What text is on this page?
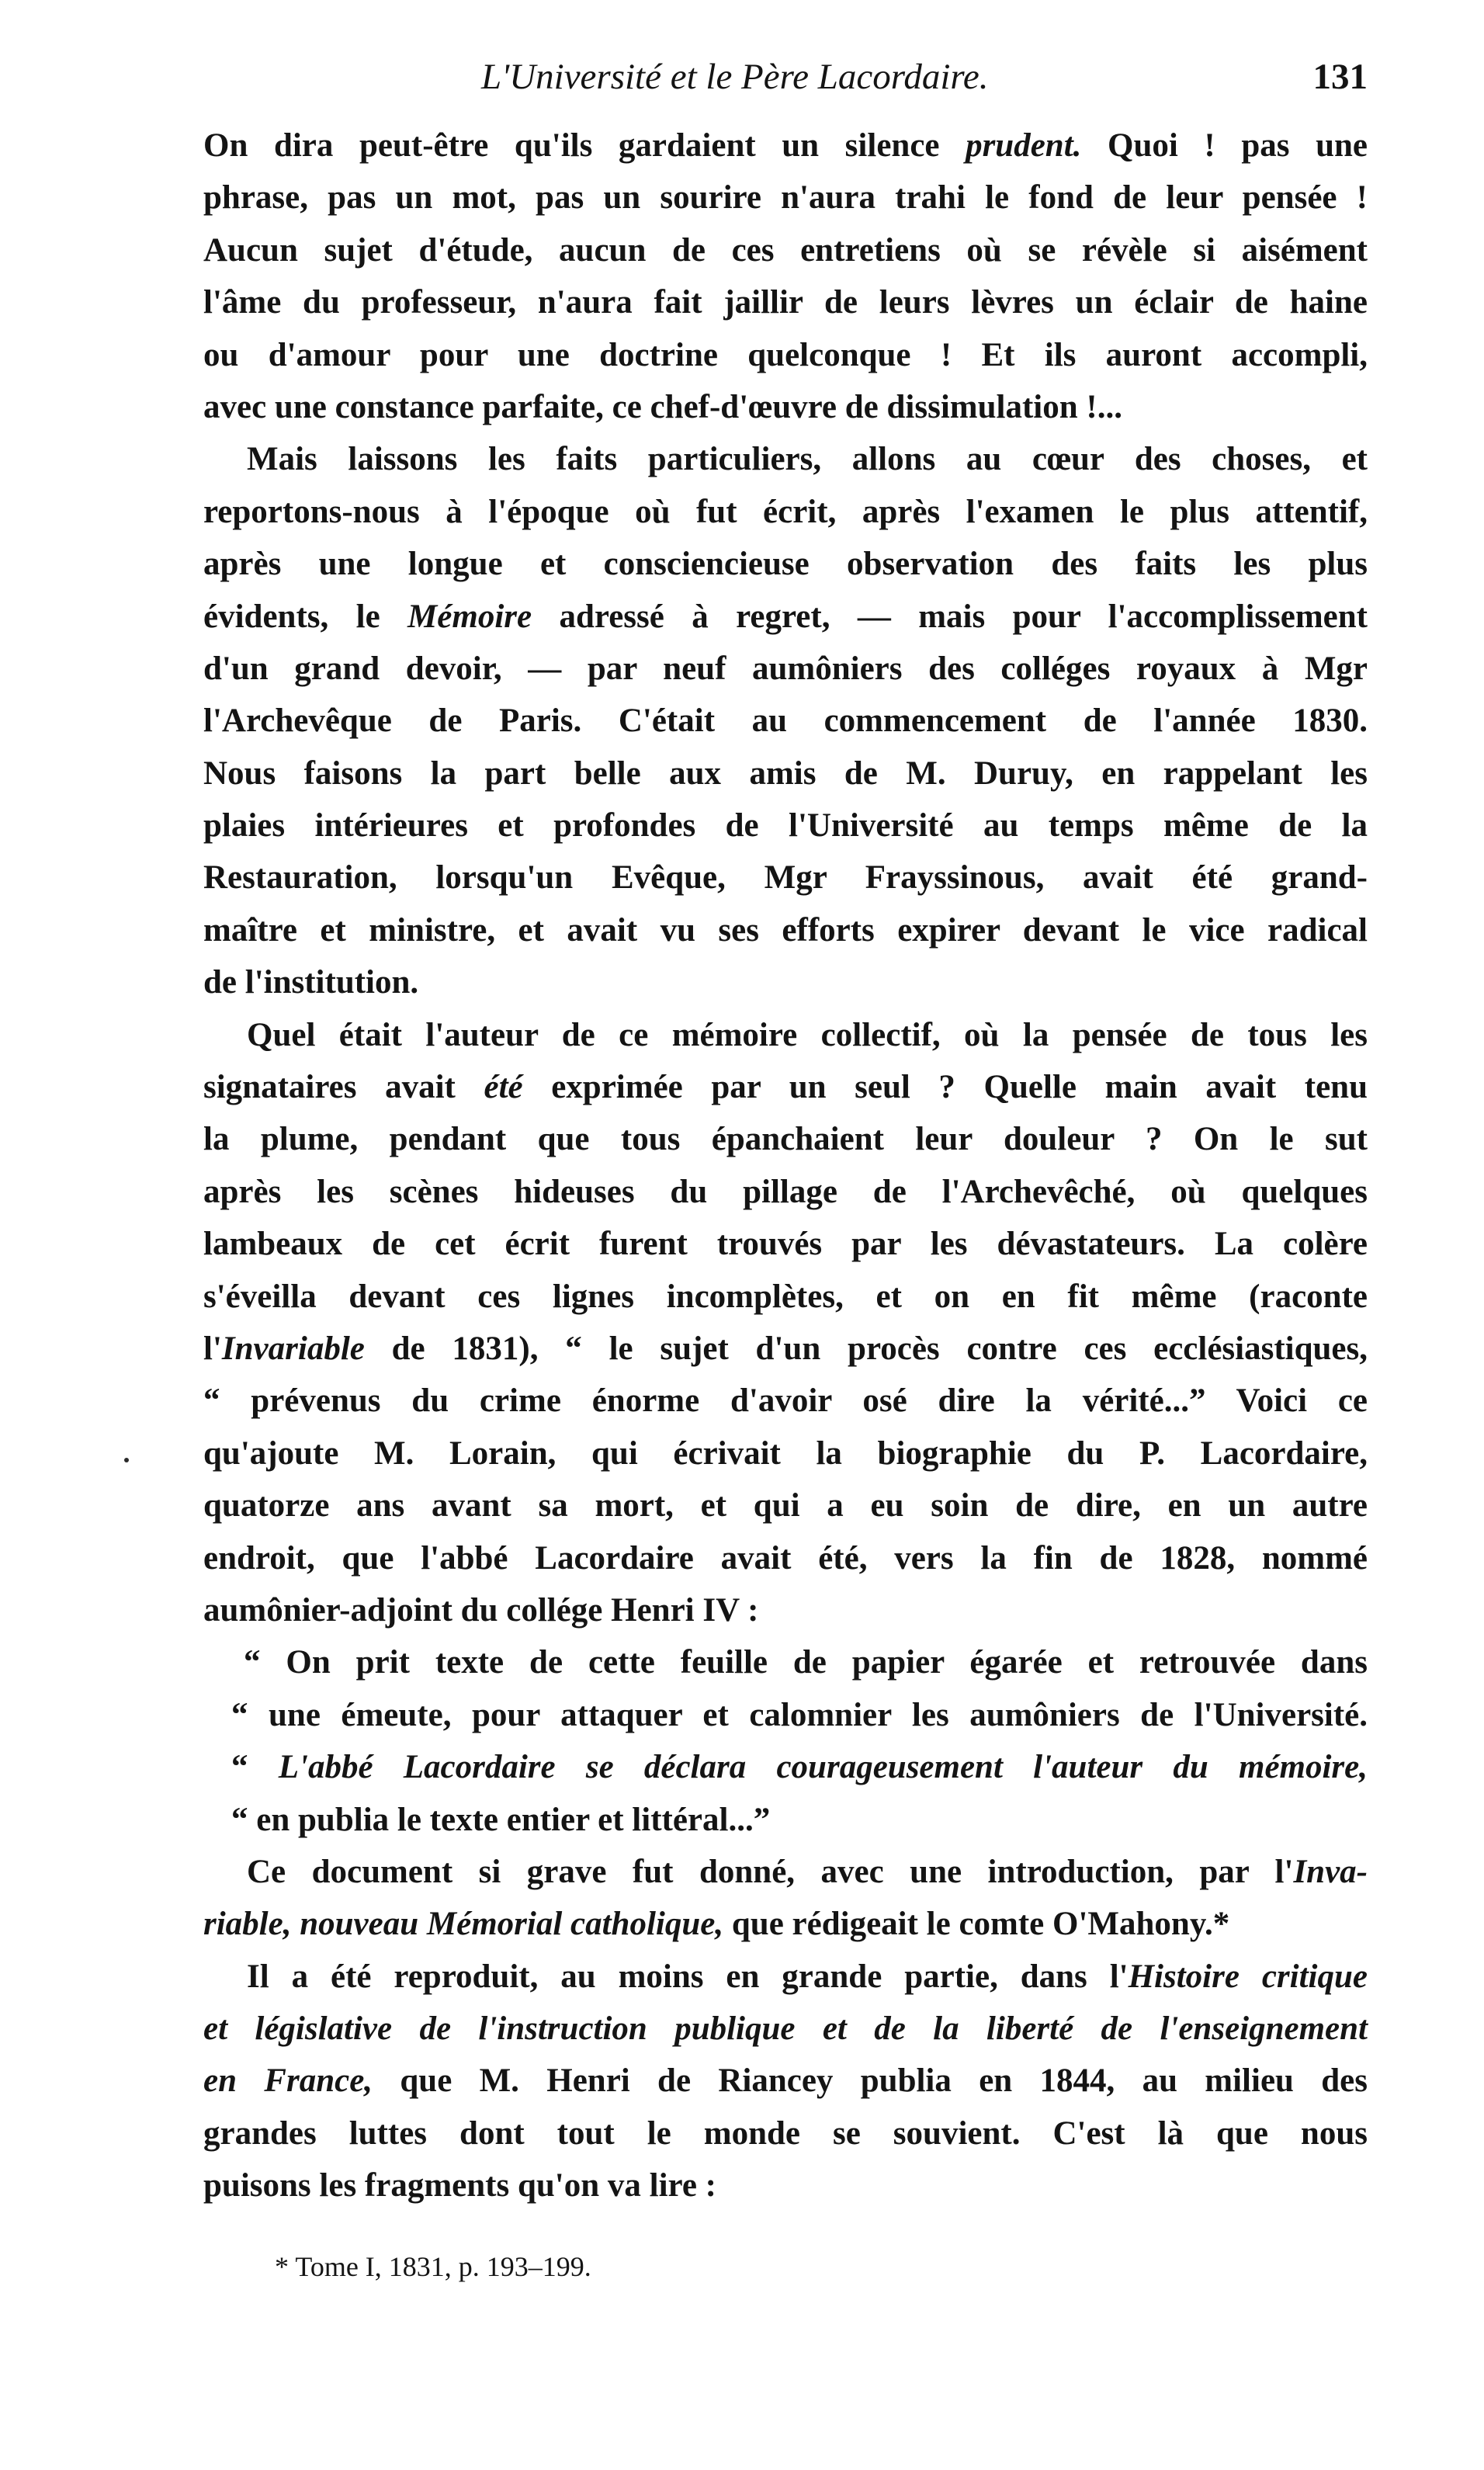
L'Université et le Père Lacordaire.	131
On dira peut-être qu'ils gardaient un silence prudent. Quoi ! pas une
phrase, pas un mot, pas un sourire n'aura trahi le fond de leur pensée !
Aucun sujet d'étude, aucun de ces entretiens où se révèle si aisément
l'âme du professeur, n'aura fait jaillir de leurs lèvres un éclair de haine
ou d'amour pour une doctrine quelconque ! Et ils auront accompli,
avec une constance parfaite, ce chef-d'œuvre de dissimulation !...
Mais laissons les faits particuliers, allons au cœur des choses, et
reportons-nous à l'époque où fut écrit, après l'examen le plus attentif,
après une longue et consciencieuse observation des faits les plus
évidents, le Mémoire adressé à regret, — mais pour l'accomplissement
d'un grand devoir, — par neuf aumôniers des colléges royaux à Mgr
l'Archevêque de Paris. C'était au commencement de l'année 1830.
Nous faisons la part belle aux amis de M. Duruy, en rappelant les
plaies intérieures et profondes de l'Université au temps même de la
Restauration, lorsqu'un Evêque, Mgr Frayssinous, avait été grand-
maître et ministre, et avait vu ses efforts expirer devant le vice radical
de l'institution.
Quel était l'auteur de ce mémoire collectif, où la pensée de tous les
signataires avait été exprimée par un seul ? Quelle main avait tenu
la plume, pendant que tous épanchaient leur douleur ? On le sut
après les scènes hideuses du pillage de l'Archevêché, où quelques
lambeaux de cet écrit furent trouvés par les dévastateurs. La colère
s'éveilla devant ces lignes incomplètes, et on en fit même (raconte
l'Invariable de 1831), “ le sujet d'un procès contre ces ecclésiastiques,
“ prévenus du crime énorme d'avoir osé dire la vérité...” Voici ce
qu'ajoute M. Lorain, qui écrivait la biographie du P. Lacordaire,
quatorze ans avant sa mort, et qui a eu soin de dire, en un autre
endroit, que l'abbé Lacordaire avait été, vers la fin de 1828, nommé
aumônier-adjoint du collége Henri IV :
“ On prit texte de cette feuille de papier égarée et retrouvée dans
“ une émeute, pour attaquer et calomnier les aumôniers de l'Université.
“ L'abbé Lacordaire se déclara courageusement l'auteur du mémoire,
“ en publia le texte entier et littéral...”
Ce document si grave fut donné, avec une introduction, par l'Inva-
riable, nouveau Mémorial catholique, que rédigeait le comte O'Mahony.*
Il a été reproduit, au moins en grande partie, dans l'Histoire critique
et législative de l'instruction publique et de la liberté de l'enseignement
en France, que M. Henri de Riancey publia en 1844, au milieu des
grandes luttes dont tout le monde se souvient. C'est là que nous
puisons les fragments qu'on va lire :
* Tome I, 1831, p. 193–199.
